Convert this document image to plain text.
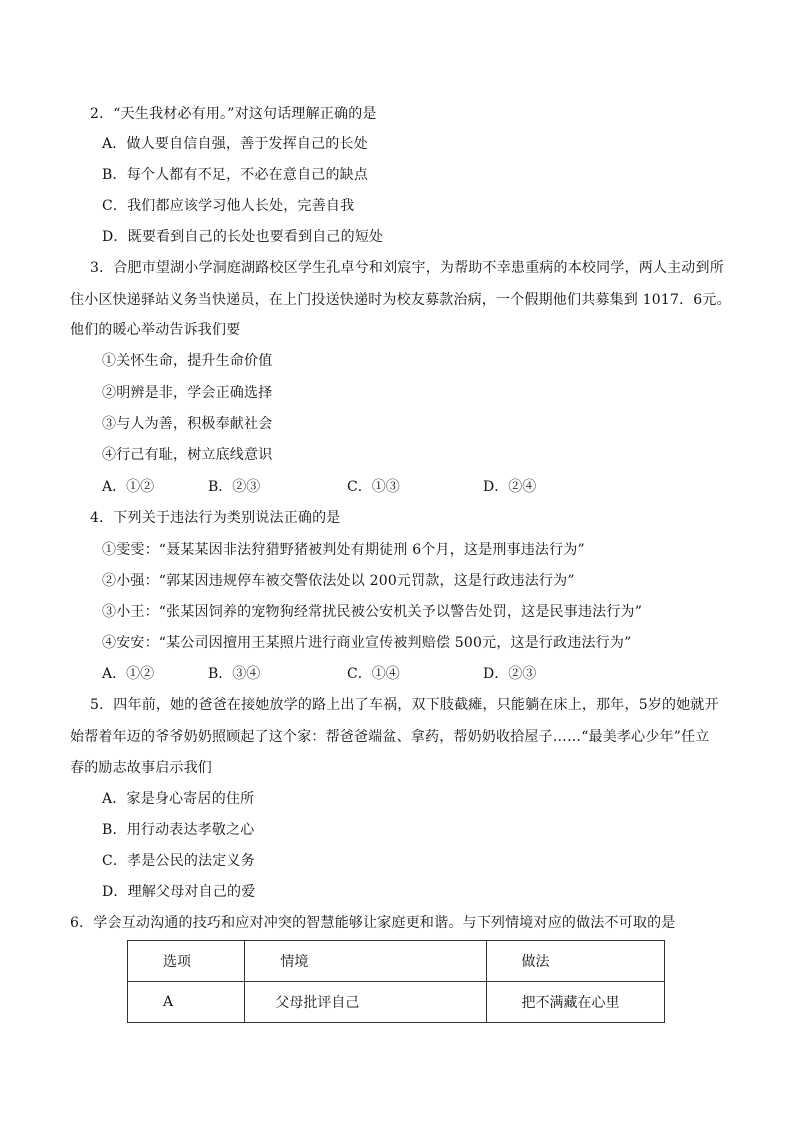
2．“天生我材必有用。”对这句话理解正确的是
A．做人要自信自强，善于发挥自己的长处
B．每个人都有不足，不必在意自己的缺点
C．我们都应该学习他人长处，完善自我
D．既要看到自己的长处也要看到自己的短处
3．合肥市望湖小学洞庭湖路校区学生孔卓兮和刘宸宇，为帮助不幸患重病的本校同学，两人主动到所
住小区快递驿站义务当快递员，在上门投送快递时为校友募款治病，一个假期他们共募集到 1017．6元。
他们的暖心举动告诉我们要
①关怀生命，提升生命价值
②明辨是非，学会正确选择
③与人为善，积极奉献社会
④行己有耻，树立底线意识
A．①②	B．②③	C．①③	D．②④
4．下列关于违法行为类别说法正确的是
①雯雯：“聂某某因非法狩猎野猪被判处有期徒刑 6个月，这是刑事违法行为”
②小强：“郭某因违规停车被交警依法处以 200元罚款，这是行政违法行为”
③小王：“张某因饲养的宠物狗经常扰民被公安机关予以警告处罚，这是民事违法行为”
④安安：“某公司因擅用王某照片进行商业宣传被判赔偿 500元，这是行政违法行为”
A．①②	B．③④	C．①④	D．②③
5．四年前，她的爸爸在接她放学的路上出了车祸，双下肢截瘫，只能躺在床上，那年，5岁的她就开
始帮着年迈的爷爷奶奶照顾起了这个家：帮爸爸端盆、拿药，帮奶奶收拾屋子……“最美孝心少年”任立
春的励志故事启示我们
A．家是身心寄居的住所
B．用行动表达孝敬之心
C．孝是公民的法定义务
D．理解父母对自己的爱
6．学会互动沟通的技巧和应对冲突的智慧能够让家庭更和谐。与下列情境对应的做法不可取的是
选项	情境	做法
A	父母批评自己	把不满藏在心里
